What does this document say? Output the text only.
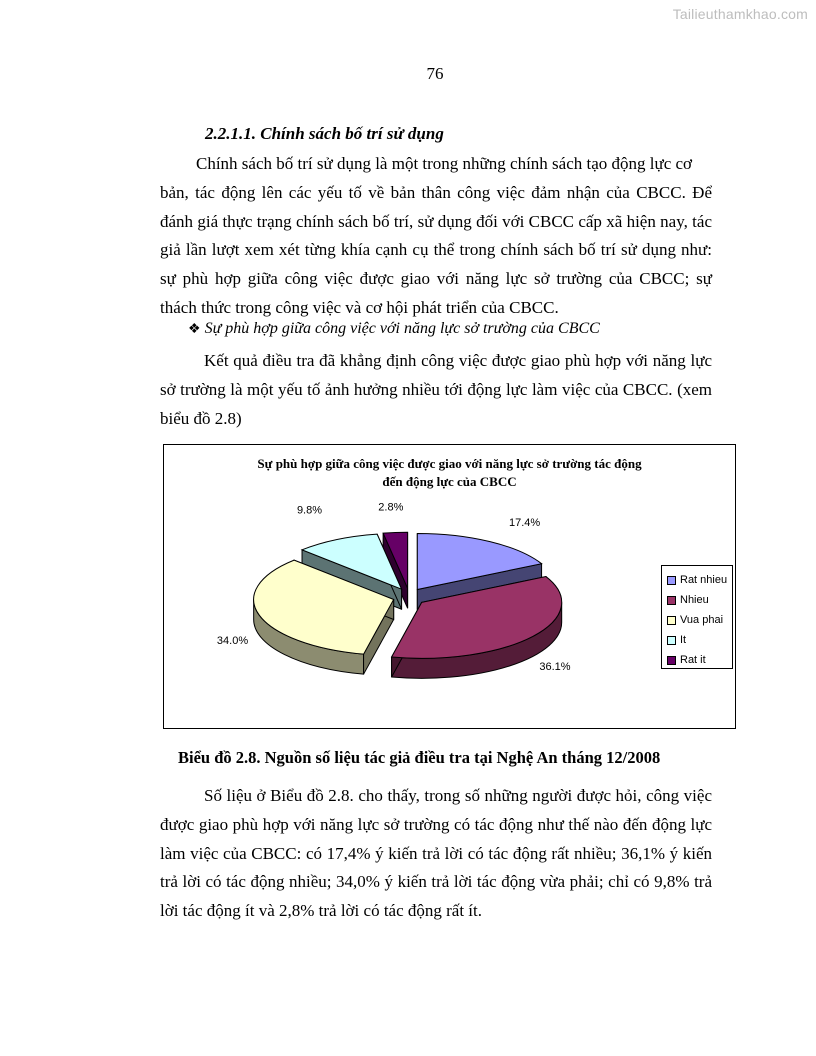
Tailieuthamkhao.com
76
2.2.1.1. Chính sách bố trí sử dụng
Chính sách bố trí sử dụng là một trong những chính sách tạo động lực cơ
bản, tác động lên các yếu tố về bản thân công việc đảm nhận của CBCC. Để đánh giá thực trạng chính sách bố trí, sử dụng đối với CBCC cấp xã hiện nay, tác giả lần lượt xem xét từng khía cạnh cụ thể trong chính sách bố trí sử dụng như: sự phù hợp giữa công việc được giao với năng lực sở trường của CBCC; sự thách thức trong công việc và cơ hội phát triển của CBCC.
❖ Sự phù hợp giữa công việc với năng lực sở trường của CBCC
Kết quả điều tra đã khẳng định công việc được giao phù hợp với năng lực sở trường là một yếu tố ảnh hưởng nhiều tới động lực làm việc của CBCC. (xem biểu đồ 2.8)
Sự phù hợp giữa công việc được giao với năng lực sở trường tác động
đến động lực của CBCC
17.4%
36.1%
34.0%
9.8%	2.8%
Rat nhieu
Nhieu
Vua phai
It
Rat it
Biểu đồ 2.8. Nguồn số liệu tác giả điều tra tại Nghệ An tháng 12/2008
Số liệu ở Biểu đồ 2.8. cho thấy, trong số những người được hỏi, công việc được giao phù hợp với năng lực sở trường có tác động như thế nào đến động lực làm việc của CBCC: có 17,4% ý kiến trả lời có tác động rất nhiều; 36,1% ý kiến trả lời có tác động nhiều; 34,0% ý kiến trả lời tác động vừa phải; chỉ có 9,8% trả lời tác động ít và 2,8% trả lời có tác động rất ít.
